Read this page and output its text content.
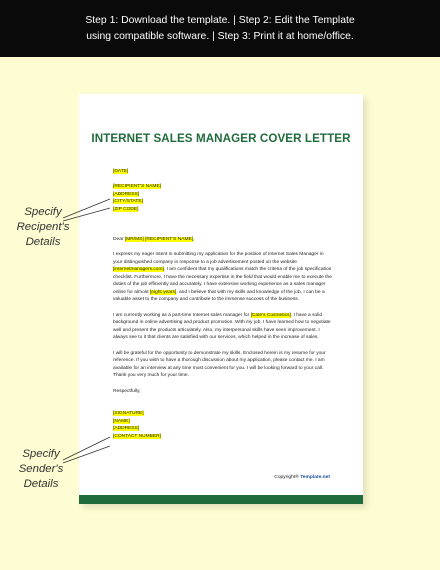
Step 1: Download the template. | Step 2: Edit the Template
using compatible software. | Step 3: Print it at home/office.
INTERNET SALES MANAGER COVER LETTER

[DATE]

[RECIPIENT'S NAME]

[ADDRESS]

[CITY/STATE]

[ZIP CODE]

Dear [MR/MS] [RECIPIENT'S NAME],

I express my eager intent in submitting my application for the position of Internet Sales Manager in your distinguished company in response to a job advertisement posted on the website [internetmanagers.com]. I am confident that my qualifications match the criteria of the job specification checklist. Furthermore, I have the necessary expertise in the field that would enable me to execute the duties of the job efficiently and accurately. I have extensive working experience as a sales manager online for almost [eight years], and I believe that with my skills and knowledge of the job, I can be a valuable asset to the company and contribute to the immense success of the business.

I am currently working as a part-time Internet sales manager for [Cate's Cosmetics]. I have a solid background in online advertising and product promotion. With my job, I have learned how to negotiate well and present the products articulately. Also, my interpersonal skills have seen improvement. I always see to it that clients are satisfied with our services, which helped in the increase of sales.

I will be grateful for the opportunity to demonstrate my skills. Enclosed herein is my resume for your reference. If you wish to have a thorough discussion about my application, please contact me. I am available for an interview at any time most convenient for you. I will be looking forward to your call. Thank you very much for your time.

Respectfully,

[SIGNATURE]

[NAME]

[ADDRESS]

[CONTACT NUMBER]

Copyright® Template.net
Specify
Recipent's
Details
Specify
Sender's
Details
